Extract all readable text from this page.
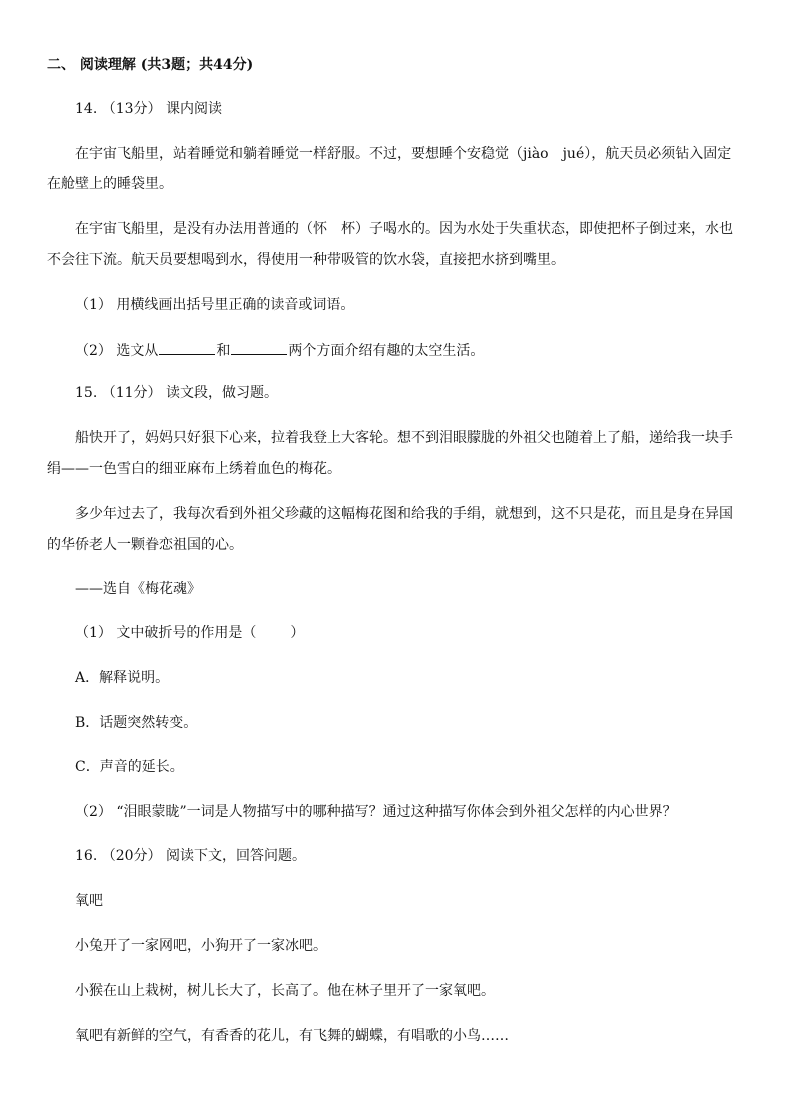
二、 阅读理解 (共3题；共44分)
14. （13分） 课内阅读
在宇宙飞船里，站着睡觉和躺着睡觉一样舒服。不过，要想睡个安稳觉（jiào　jué），航天员必须钻入固定
在舱壁上的睡袋里。
在宇宙飞船里，是没有办法用普通的（怀　杯）子喝水的。因为水处于失重状态，即使把杯子倒过来，水也
不会往下流。航天员要想喝到水，得使用一种带吸管的饮水袋，直接把水挤到嘴里。
（1） 用横线画出括号里正确的读音或词语。
（2） 选文从	和	两个方面介绍有趣的太空生活。
15. （11分） 读文段，做习题。
船快开了，妈妈只好狠下心来，拉着我登上大客轮。想不到泪眼朦胧的外祖父也随着上了船，递给我一块手
绢——一色雪白的细亚麻布上绣着血色的梅花。
多少年过去了，我每次看到外祖父珍藏的这幅梅花图和给我的手绢，就想到，这不只是花，而且是身在异国
的华侨老人一颗眷恋祖国的心。
——选自《梅花魂》
（1） 文中破折号的作用是（ ）
A．解释说明。
B．话题突然转变。
C．声音的延长。
（2） “泪眼蒙眬”一词是人物描写中的哪种描写？通过这种描写你体会到外祖父怎样的内心世界？
16. （20分） 阅读下文，回答问题。
氧吧
小兔开了一家网吧，小狗开了一家冰吧。
小猴在山上栽树，树儿长大了，长高了。他在林子里开了一家氧吧。
氧吧有新鲜的空气，有香香的花儿，有飞舞的蝴蝶，有唱歌的小鸟……
